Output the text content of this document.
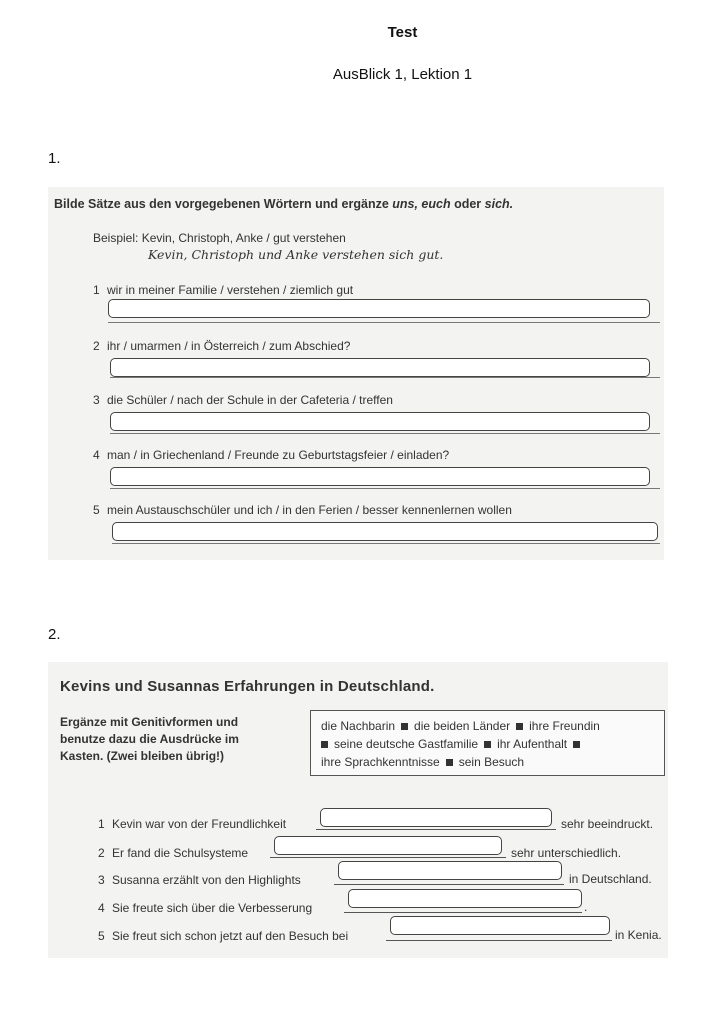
Test
AusBlick 1, Lektion 1
1.
Bilde Sätze aus den vorgegebenen Wörtern und ergänze uns, euch oder sich.
Beispiel: Kevin, Christoph, Anke / gut verstehen
Kevin, Christoph und Anke verstehen sich gut.
1 wir in meiner Familie / verstehen / ziemlich gut
2 ihr / umarmen / in Österreich / zum Abschied?
3 die Schüler / nach der Schule in der Cafeteria / treffen
4 man / in Griechenland / Freunde zu Geburtstagsfeier / einladen?
5 mein Austauschschüler und ich / in den Ferien / besser kennenlernen wollen
2.
Kevins und Susannas Erfahrungen in Deutschland.
Ergänze mit Genitivformen und benutze dazu die Ausdrücke im Kasten. (Zwei bleiben übrig!)
die Nachbarin die beiden Länder ihre Freundin
seine deutsche Gastfamilie ihr Aufenthalt
ihre Sprachkenntnisse sein Besuch
1 Kevin war von der Freundlichkeit	sehr beeindruckt.
2 Er fand die Schulsysteme	sehr unterschiedlich.
3 Susanna erzählt von den Highlights	in Deutschland.
4 Sie freute sich über die Verbesserung	.
5 Sie freut sich schon jetzt auf den Besuch bei	in Kenia.
